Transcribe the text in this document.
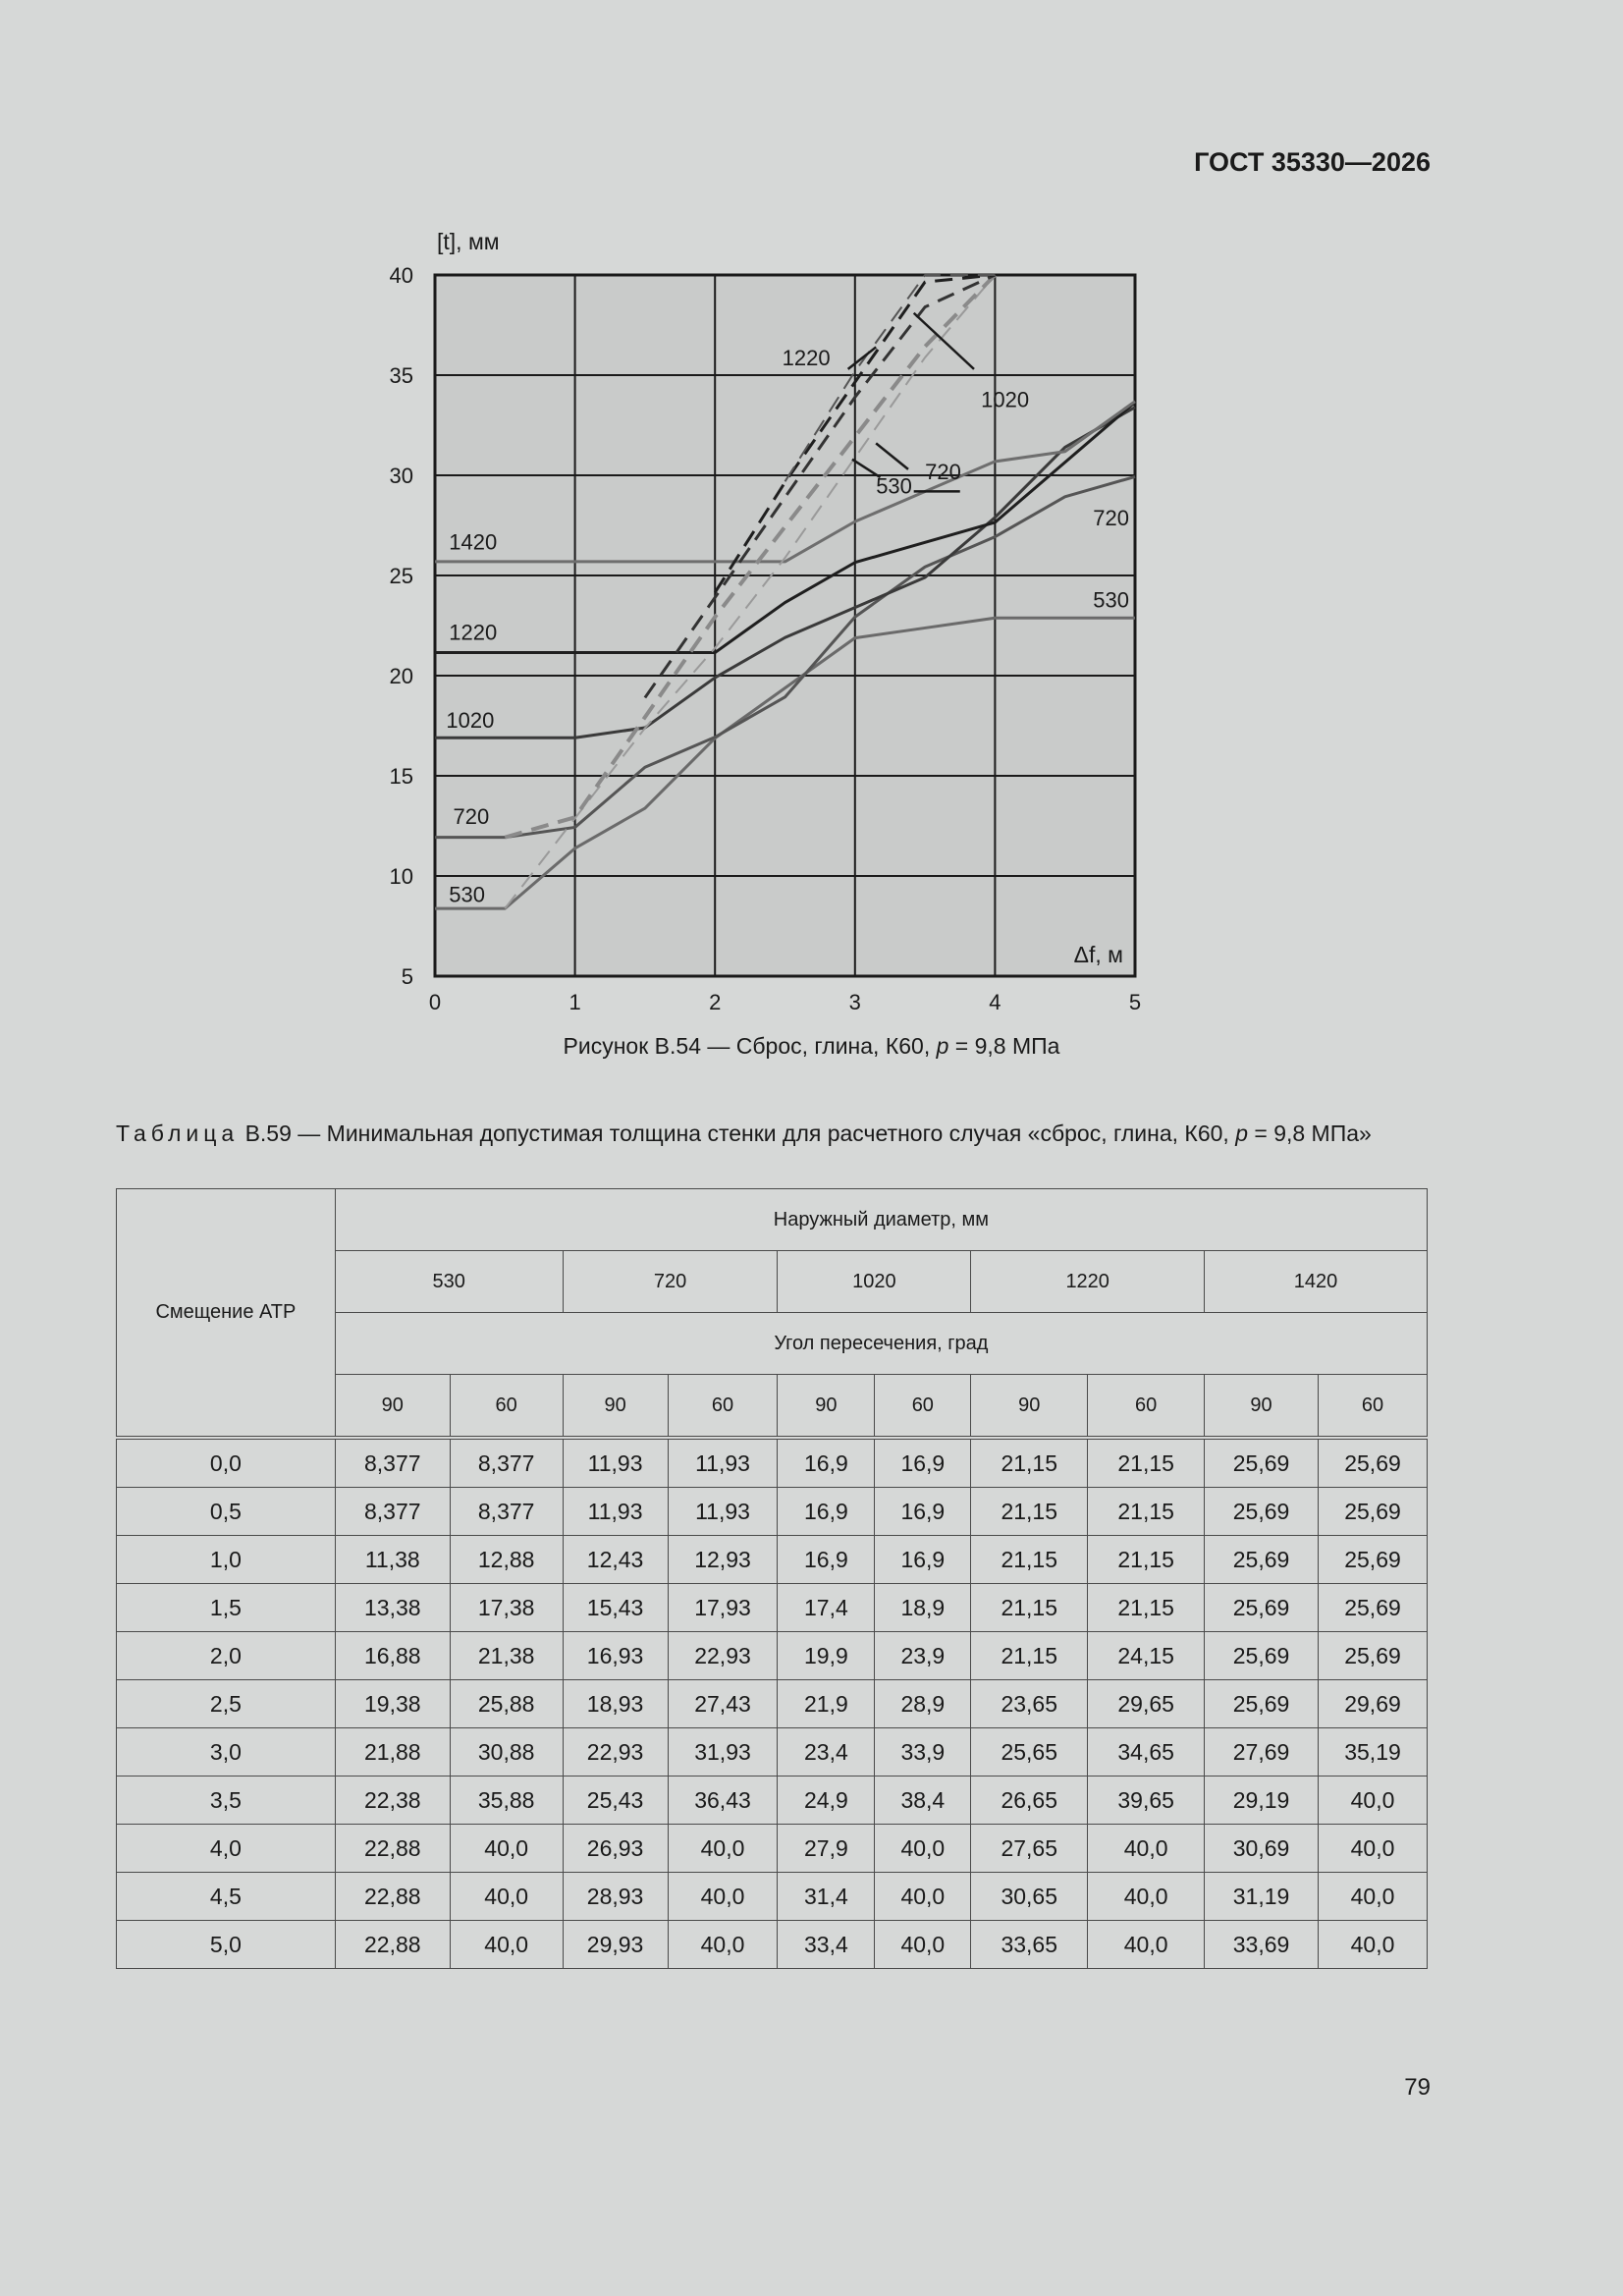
ГОСТ 35330—2026
0	1	2	3	4	5
5
10
15
20
25
30
35
40
[t], мм
Δf, м
1420
1220
1020
720
530
720
530
1220
1020
720
530
Рисунок В.54 — Сброс, глина, К60, p = 9,8 МПа
Таблица В.59 — Минимальная допустимая толщина стенки для расчетного случая «сброс, глина, К60, p = 9,8 МПа»
Смещение АТР	Наружный диаметр, мм									
	530		720		1020		1220		1420	
	Угол пересечения, град									
	90	60	90	60	90	60	90	60	90	60
0,0	8,377	8,377	11,93	11,93	16,9	16,9	21,15	21,15	25,69	25,69
0,5	8,377	8,377	11,93	11,93	16,9	16,9	21,15	21,15	25,69	25,69
1,0	11,38	12,88	12,43	12,93	16,9	16,9	21,15	21,15	25,69	25,69
1,5	13,38	17,38	15,43	17,93	17,4	18,9	21,15	21,15	25,69	25,69
2,0	16,88	21,38	16,93	22,93	19,9	23,9	21,15	24,15	25,69	25,69
2,5	19,38	25,88	18,93	27,43	21,9	28,9	23,65	29,65	25,69	29,69
3,0	21,88	30,88	22,93	31,93	23,4	33,9	25,65	34,65	27,69	35,19
3,5	22,38	35,88	25,43	36,43	24,9	38,4	26,65	39,65	29,19	40,0
4,0	22,88	40,0	26,93	40,0	27,9	40,0	27,65	40,0	30,69	40,0
4,5	22,88	40,0	28,93	40,0	31,4	40,0	30,65	40,0	31,19	40,0
5,0	22,88	40,0	29,93	40,0	33,4	40,0	33,65	40,0	33,69	40,0
79
